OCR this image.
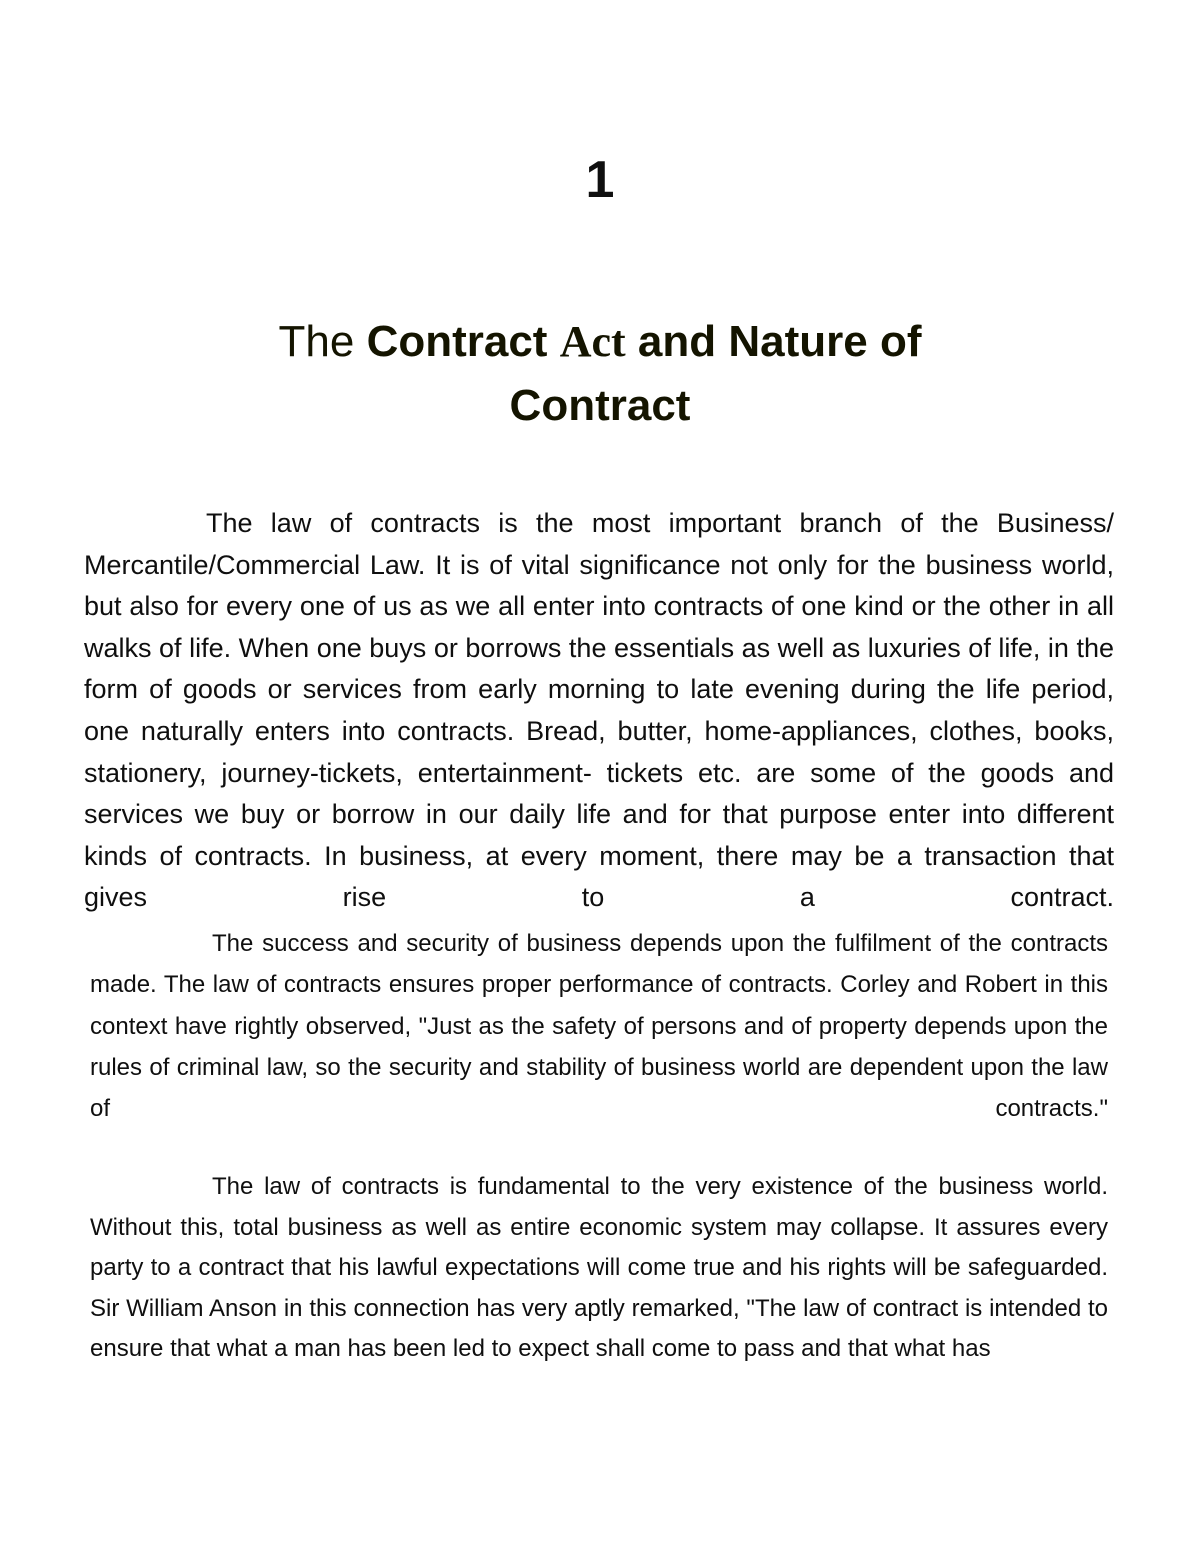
1
The Contract Act and Nature of
Contract

The law of contracts is the most important branch of the Business/ Mercantile/Commercial Law. It is of vital significance not only for the business world, but also for every one of us as we all enter into contracts of one kind or the other in all walks of life. When one buys or borrows the essentials as well as luxuries of life, in the form of goods or services from early morning to late evening during the life period, one naturally enters into contracts. Bread, butter, home-appliances, clothes, books, stationery, journey-tickets, entertainment- tickets etc. are some of the goods and services we buy or borrow in our daily life and for that purpose enter into different kinds of contracts. In business, at every moment, there may be a transaction that gives rise to a contract.

The success and security of business depends upon the fulfilment of the contracts made. The law of contracts ensures proper performance of contracts. Corley and Robert in this context have rightly observed, "Just as the safety of persons and of property depends upon the rules of criminal law, so the security and stability of business world are dependent upon the law of	contracts."

The law of contracts is fundamental to the very existence of the business world. Without this, total business as well as entire economic system may collapse. It assures every party to a contract that his lawful expectations will come true and his rights will be safeguarded. Sir William Anson in this connection has very aptly remarked, "The law of contract is intended to ensure that what a man has been led to expect shall come to pass and that what has
